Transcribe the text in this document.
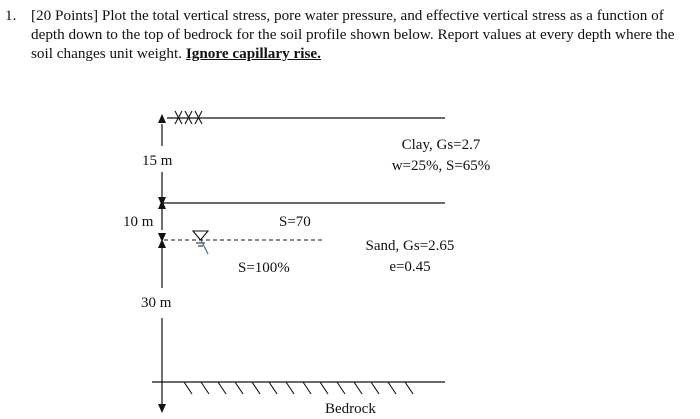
1. [20 Points] Plot the total vertical stress, pore water pressure, and effective vertical stress as a function of depth down to the top of bedrock for the soil profile shown below. Report values at every depth where the soil changes unit weight. Ignore capillary rise.
15 m
Clay, Gs=2.7
w=25%, S=65%
10 m	S=70
S=100%
Sand, Gs=2.65
e=0.45
30 m
Bedrock
